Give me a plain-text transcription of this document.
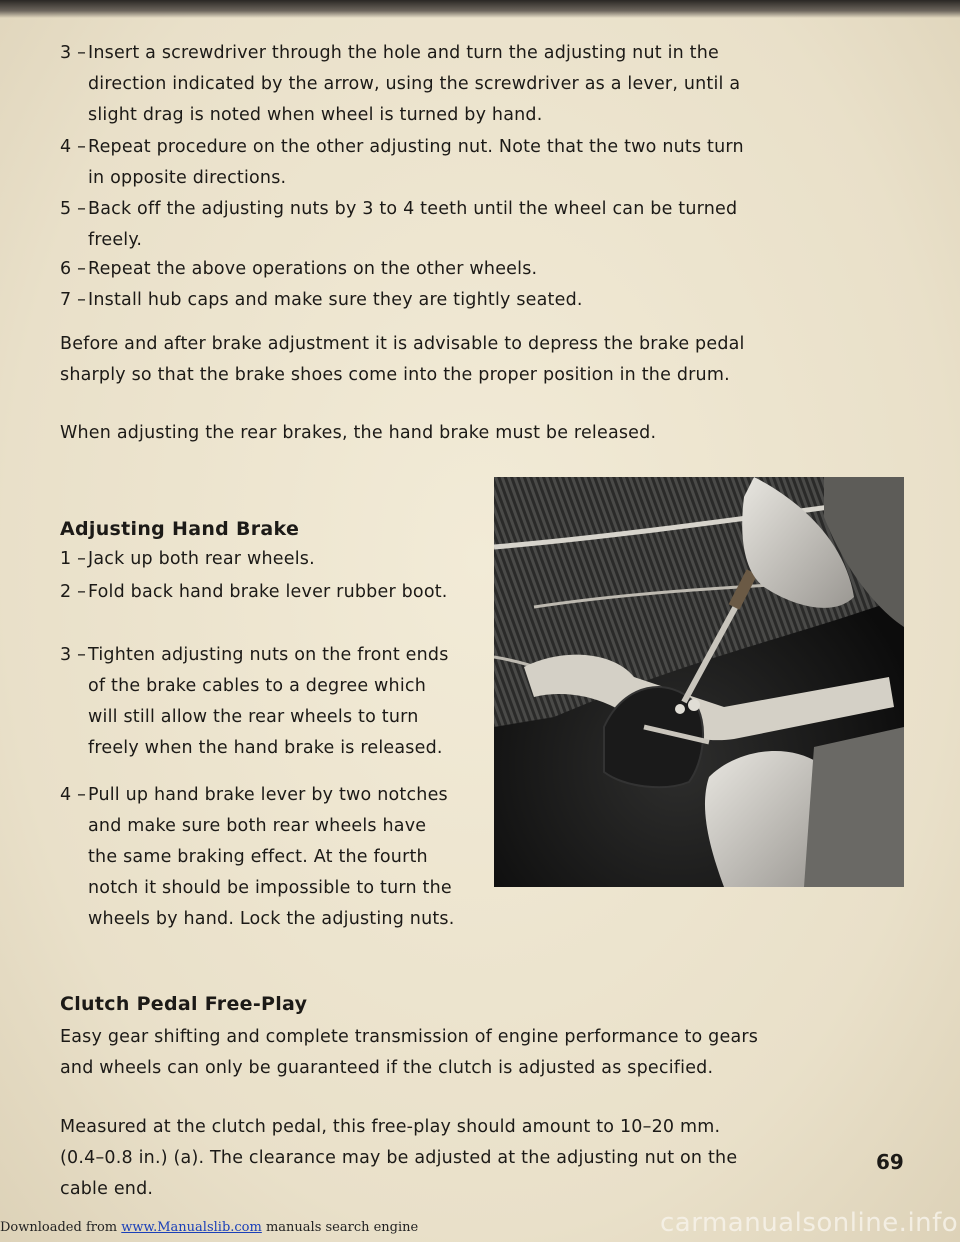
3 – Insert a screwdriver through the hole and turn the adjusting nut in the direction indicated by the arrow, using the screwdriver as a lever, until a slight drag is noted when wheel is turned by hand.
4 – Repeat procedure on the other adjusting nut. Note that the two nuts turn in opposite directions.
5 – Back off the adjusting nuts by 3 to 4 teeth until the wheel can be turned freely.
6 – Repeat the above operations on the other wheels.
7 – Install hub caps and make sure they are tightly seated.
Before and after brake adjustment it is advisable to depress the brake pedal sharply so that the brake shoes come into the proper position in the drum.
When adjusting the rear brakes, the hand brake must be released.
Adjusting Hand Brake
1 – Jack up both rear wheels.
2 – Fold back hand brake lever rubber boot.
3 – Tighten adjusting nuts on the front ends of the brake cables to a degree which will still allow the rear wheels to turn freely when the hand brake is released.
4 – Pull up hand brake lever by two notches and make sure both rear wheels have the same braking effect. At the fourth notch it should be impossible to turn the wheels by hand. Lock the adjusting nuts.
Clutch Pedal Free-Play
Easy gear shifting and complete transmission of engine performance to gears and wheels can only be guaranteed if the clutch is adjusted as specified.
Measured at the clutch pedal, this free-play should amount to 10–20 mm. (0.4–0.8 in.) (a). The clearance may be adjusted at the adjusting nut on the cable end.
69
Downloaded from www.Manualslib.com manuals search engine	carmanualsonline.info
